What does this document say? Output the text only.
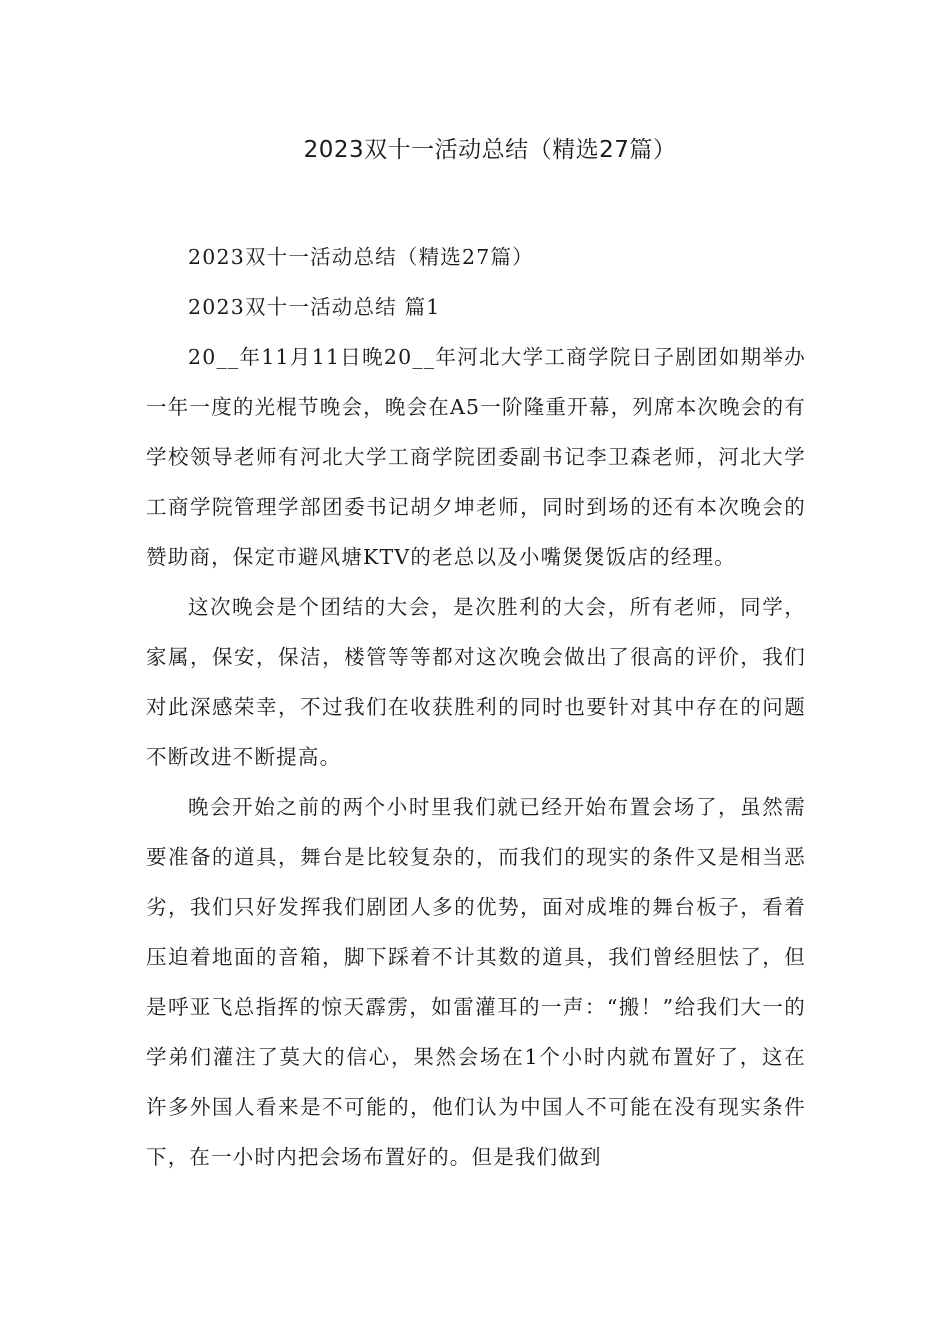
2023双十一活动总结（精选27篇）

2023双十一活动总结（精选27篇）

2023双十一活动总结 篇1

20__年11月11日晚20__年河北大学工商学院日子剧团如期举办一年一度的光棍节晚会，晚会在A5一阶隆重开幕，列席本次晚会的有学校领导老师有河北大学工商学院团委副书记李卫森老师，河北大学工商学院管理学部团委书记胡夕坤老师，同时到场的还有本次晚会的赞助商，保定市避风塘KTV的老总以及小嘴煲煲饭店的经理。

这次晚会是个团结的大会，是次胜利的大会，所有老师，同学，家属，保安，保洁，楼管等等都对这次晚会做出了很高的评价，我们对此深感荣幸，不过我们在收获胜利的同时也要针对其中存在的问题不断改进不断提高。

晚会开始之前的两个小时里我们就已经开始布置会场了，虽然需要准备的道具，舞台是比较复杂的，而我们的现实的条件又是相当恶劣，我们只好发挥我们剧团人多的优势，面对成堆的舞台板子，看着压迫着地面的音箱，脚下踩着不计其数的道具，我们曾经胆怯了，但是呼亚飞总指挥的惊天霹雳，如雷灌耳的一声：“搬！”给我们大一的学弟们灌注了莫大的信心，果然会场在1个小时内就布置好了，这在许多外国人看来是不可能的，他们认为中国人不可能在没有现实条件下，在一小时内把会场布置好的。但是我们做到
